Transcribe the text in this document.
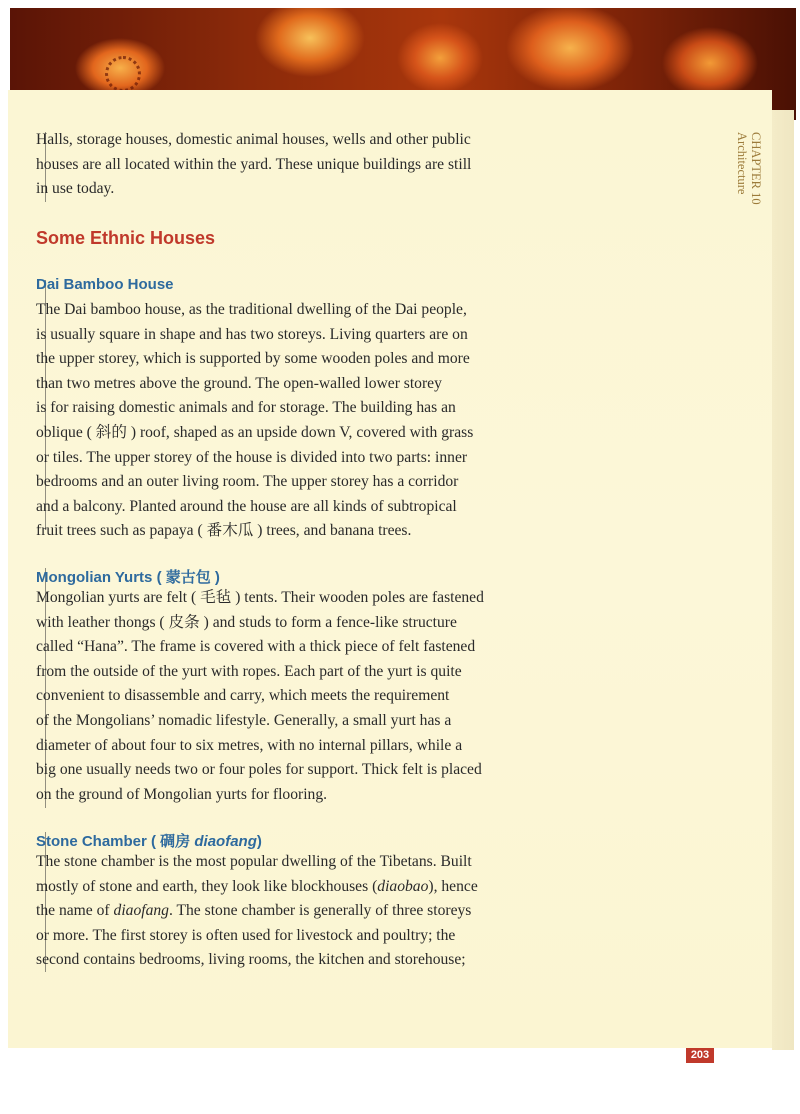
CHAPTER 10
Architecture

Halls, storage houses, domestic animal houses, wells and other public

houses are all located within the yard. These unique buildings are still

in use today.

Some Ethnic Houses
Dai Bamboo House

The Dai bamboo house, as the traditional dwelling of the Dai people,

is usually square in shape and has two storeys. Living quarters are on

the upper storey, which is supported by some wooden poles and more

than two metres above the ground. The open-walled lower storey

is for raising domestic animals and for storage. The building has an

oblique ( 斜的 ) roof, shaped as an upside down V, covered with grass

or tiles. The upper storey of the house is divided into two parts: inner

bedrooms and an outer living room. The upper storey has a corridor

and a balcony. Planted around the house are all kinds of subtropical

fruit trees such as papaya ( 番木瓜 ) trees, and banana trees.

Mongolian Yurts ( 蒙古包 )

Mongolian yurts are felt ( 毛毡 ) tents. Their wooden poles are fastened

with leather thongs ( 皮条 ) and studs to form a fence-like structure

called “Hana”. The frame is covered with a thick piece of felt fastened

from the outside of the yurt with ropes. Each part of the yurt is quite

convenient to disassemble and carry, which meets the requirement

of the Mongolians’ nomadic lifestyle. Generally, a small yurt has a

diameter of about four to six metres, with no internal pillars, while a

big one usually needs two or four poles for support. Thick felt is placed

on the ground of Mongolian yurts for flooring.

Stone Chamber ( 碉房 diaofang)

The stone chamber is the most popular dwelling of the Tibetans. Built

mostly of stone and earth, they look like blockhouses (diaobao), hence

the name of diaofang. The stone chamber is generally of three storeys

or more. The first storey is often used for livestock and poultry; the

second contains bedrooms, living rooms, the kitchen and storehouse;

203
